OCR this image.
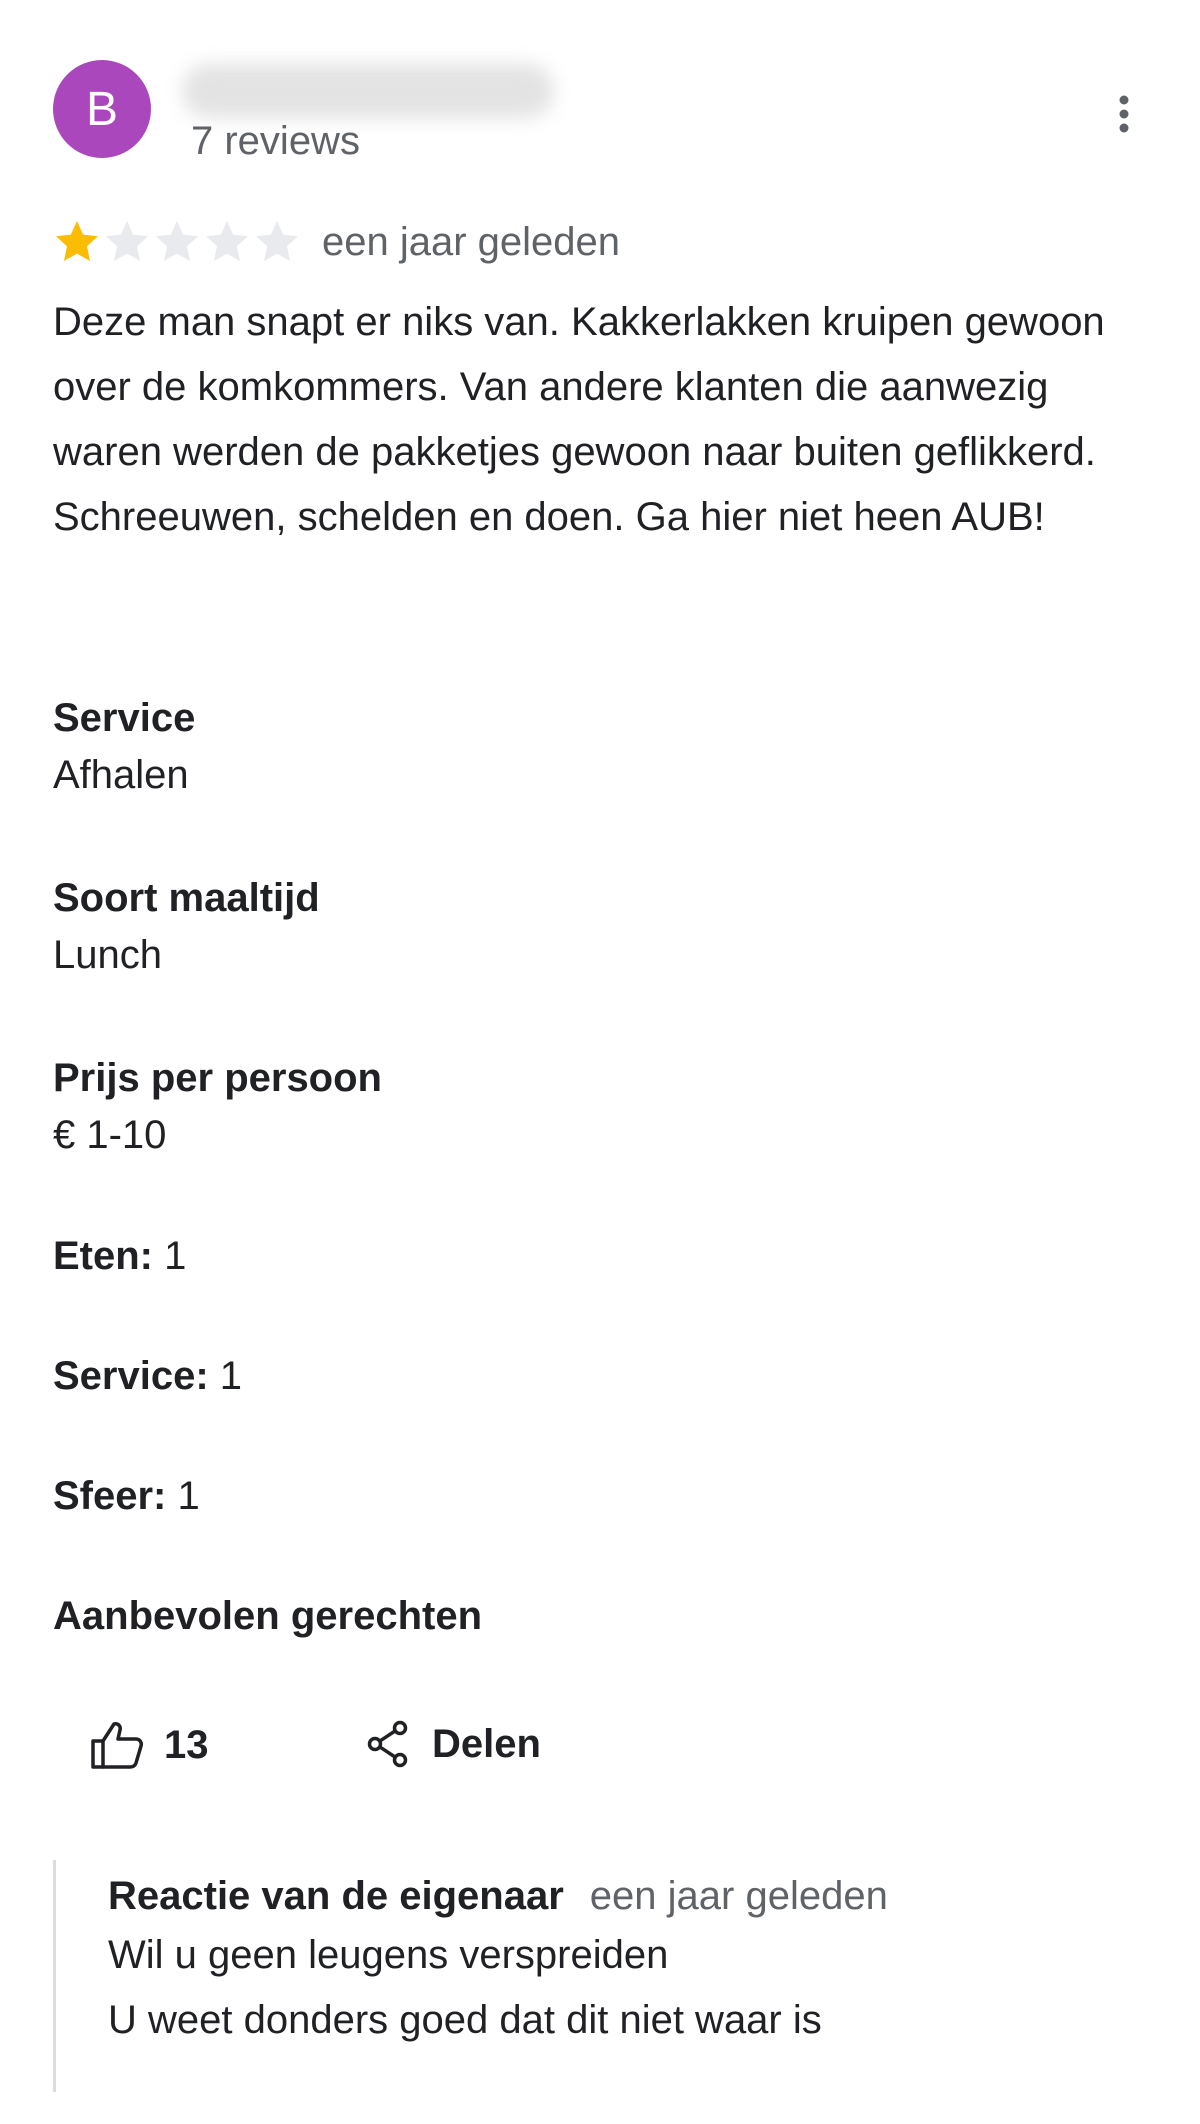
B
7 reviews
een jaar geleden

Deze man snapt er niks van. Kakkerlakken kruipen gewoon over de komkommers. Van andere klanten die aanwezig waren werden de pakketjes gewoon naar buiten geflikkerd. Schreeuwen, schelden en doen. Ga hier niet heen AUB!

Service
Afhalen
Soort maaltijd
Lunch
Prijs per persoon
€ 1-10
Eten: 1
Service: 1
Sfeer: 1
Aanbevolen gerechten
13	Delen
Reactie van de eigenaar een jaar geleden
Wil u geen leugens verspreiden
U weet donders goed dat dit niet waar is
